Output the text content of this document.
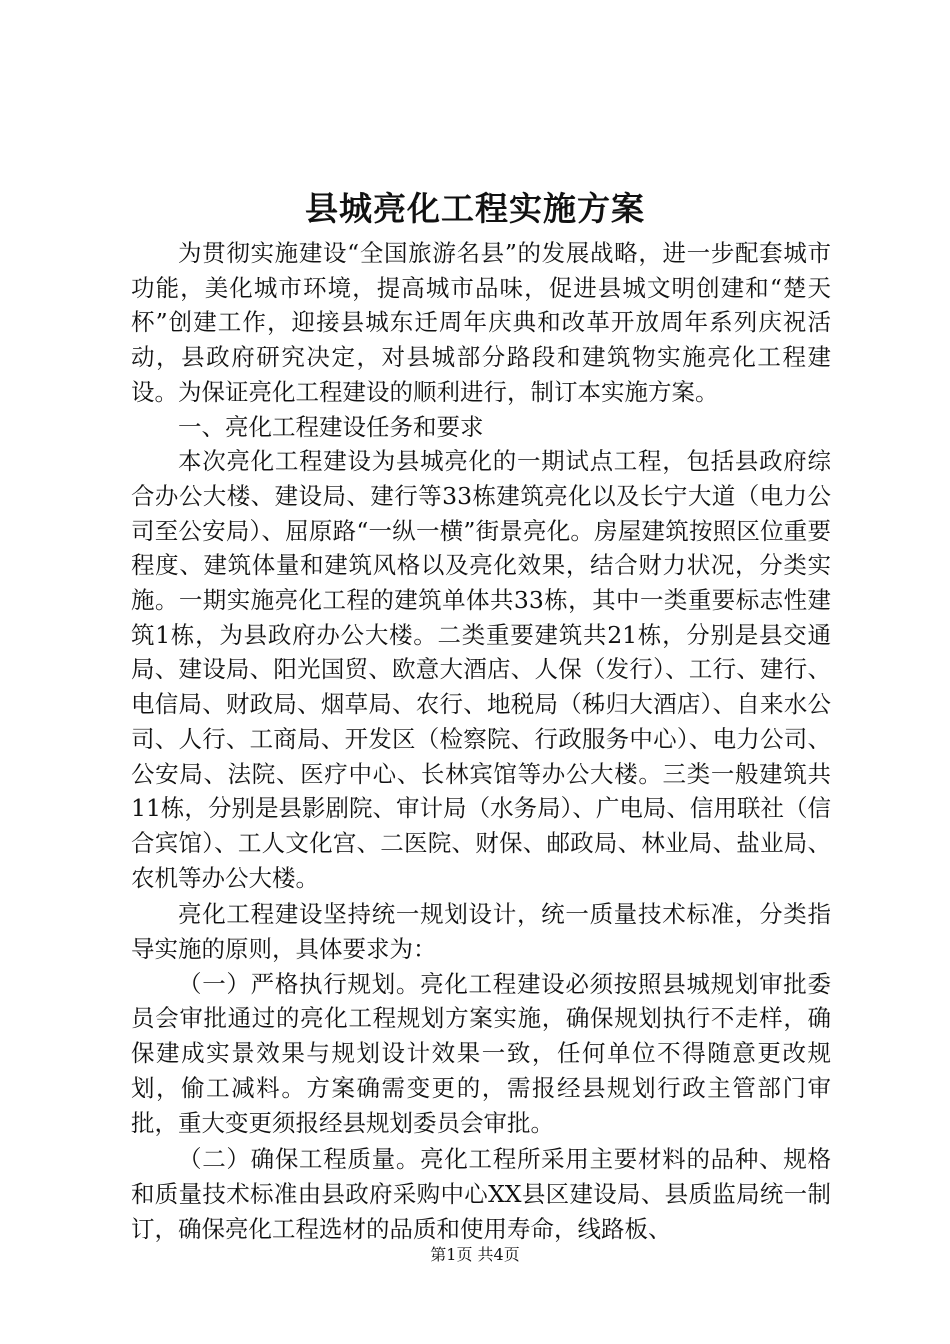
县城亮化工程实施方案

为贯彻实施建设“全国旅游名县”的发展战略，进一步配套城市功能，美化城市环境，提高城市品味，促进县城文明创建和“楚天杯”创建工作，迎接县城东迁周年庆典和改革开放周年系列庆祝活动，县政府研究决定，对县城部分路段和建筑物实施亮化工程建设。为保证亮化工程建设的顺利进行，制订本实施方案。

一、亮化工程建设任务和要求

本次亮化工程建设为县城亮化的一期试点工程，包括县政府综合办公大楼、建设局、建行等33栋建筑亮化以及长宁大道（电力公司至公安局）、屈原路“一纵一横”街景亮化。房屋建筑按照区位重要程度、建筑体量和建筑风格以及亮化效果，结合财力状况，分类实施。一期实施亮化工程的建筑单体共33栋，其中一类重要标志性建筑1栋，为县政府办公大楼。二类重要建筑共21栋，分别是县交通局、建设局、阳光国贸、欧意大酒店、人保（发行）、工行、建行、电信局、财政局、烟草局、农行、地税局（秭归大酒店）、自来水公司、人行、工商局、开发区（检察院、行政服务中心）、电力公司、公安局、法院、医疗中心、长林宾馆等办公大楼。三类一般建筑共11栋，分别是县影剧院、审计局（水务局）、广电局、信用联社（信合宾馆）、工人文化宫、二医院、财保、邮政局、林业局、盐业局、农机等办公大楼。

亮化工程建设坚持统一规划设计，统一质量技术标准，分类指导实施的原则，具体要求为：

（一）严格执行规划。亮化工程建设必须按照县城规划审批委员会审批通过的亮化工程规划方案实施，确保规划执行不走样，确保建成实景效果与规划设计效果一致，任何单位不得随意更改规划，偷工减料。方案确需变更的，需报经县规划行政主管部门审批，重大变更须报经县规划委员会审批。

（二）确保工程质量。亮化工程所采用主要材料的品种、规格和质量技术标准由县政府采购中心XX县区建设局、县质监局统一制订，确保亮化工程选材的品质和使用寿命，线路板、

第1页 共4页
